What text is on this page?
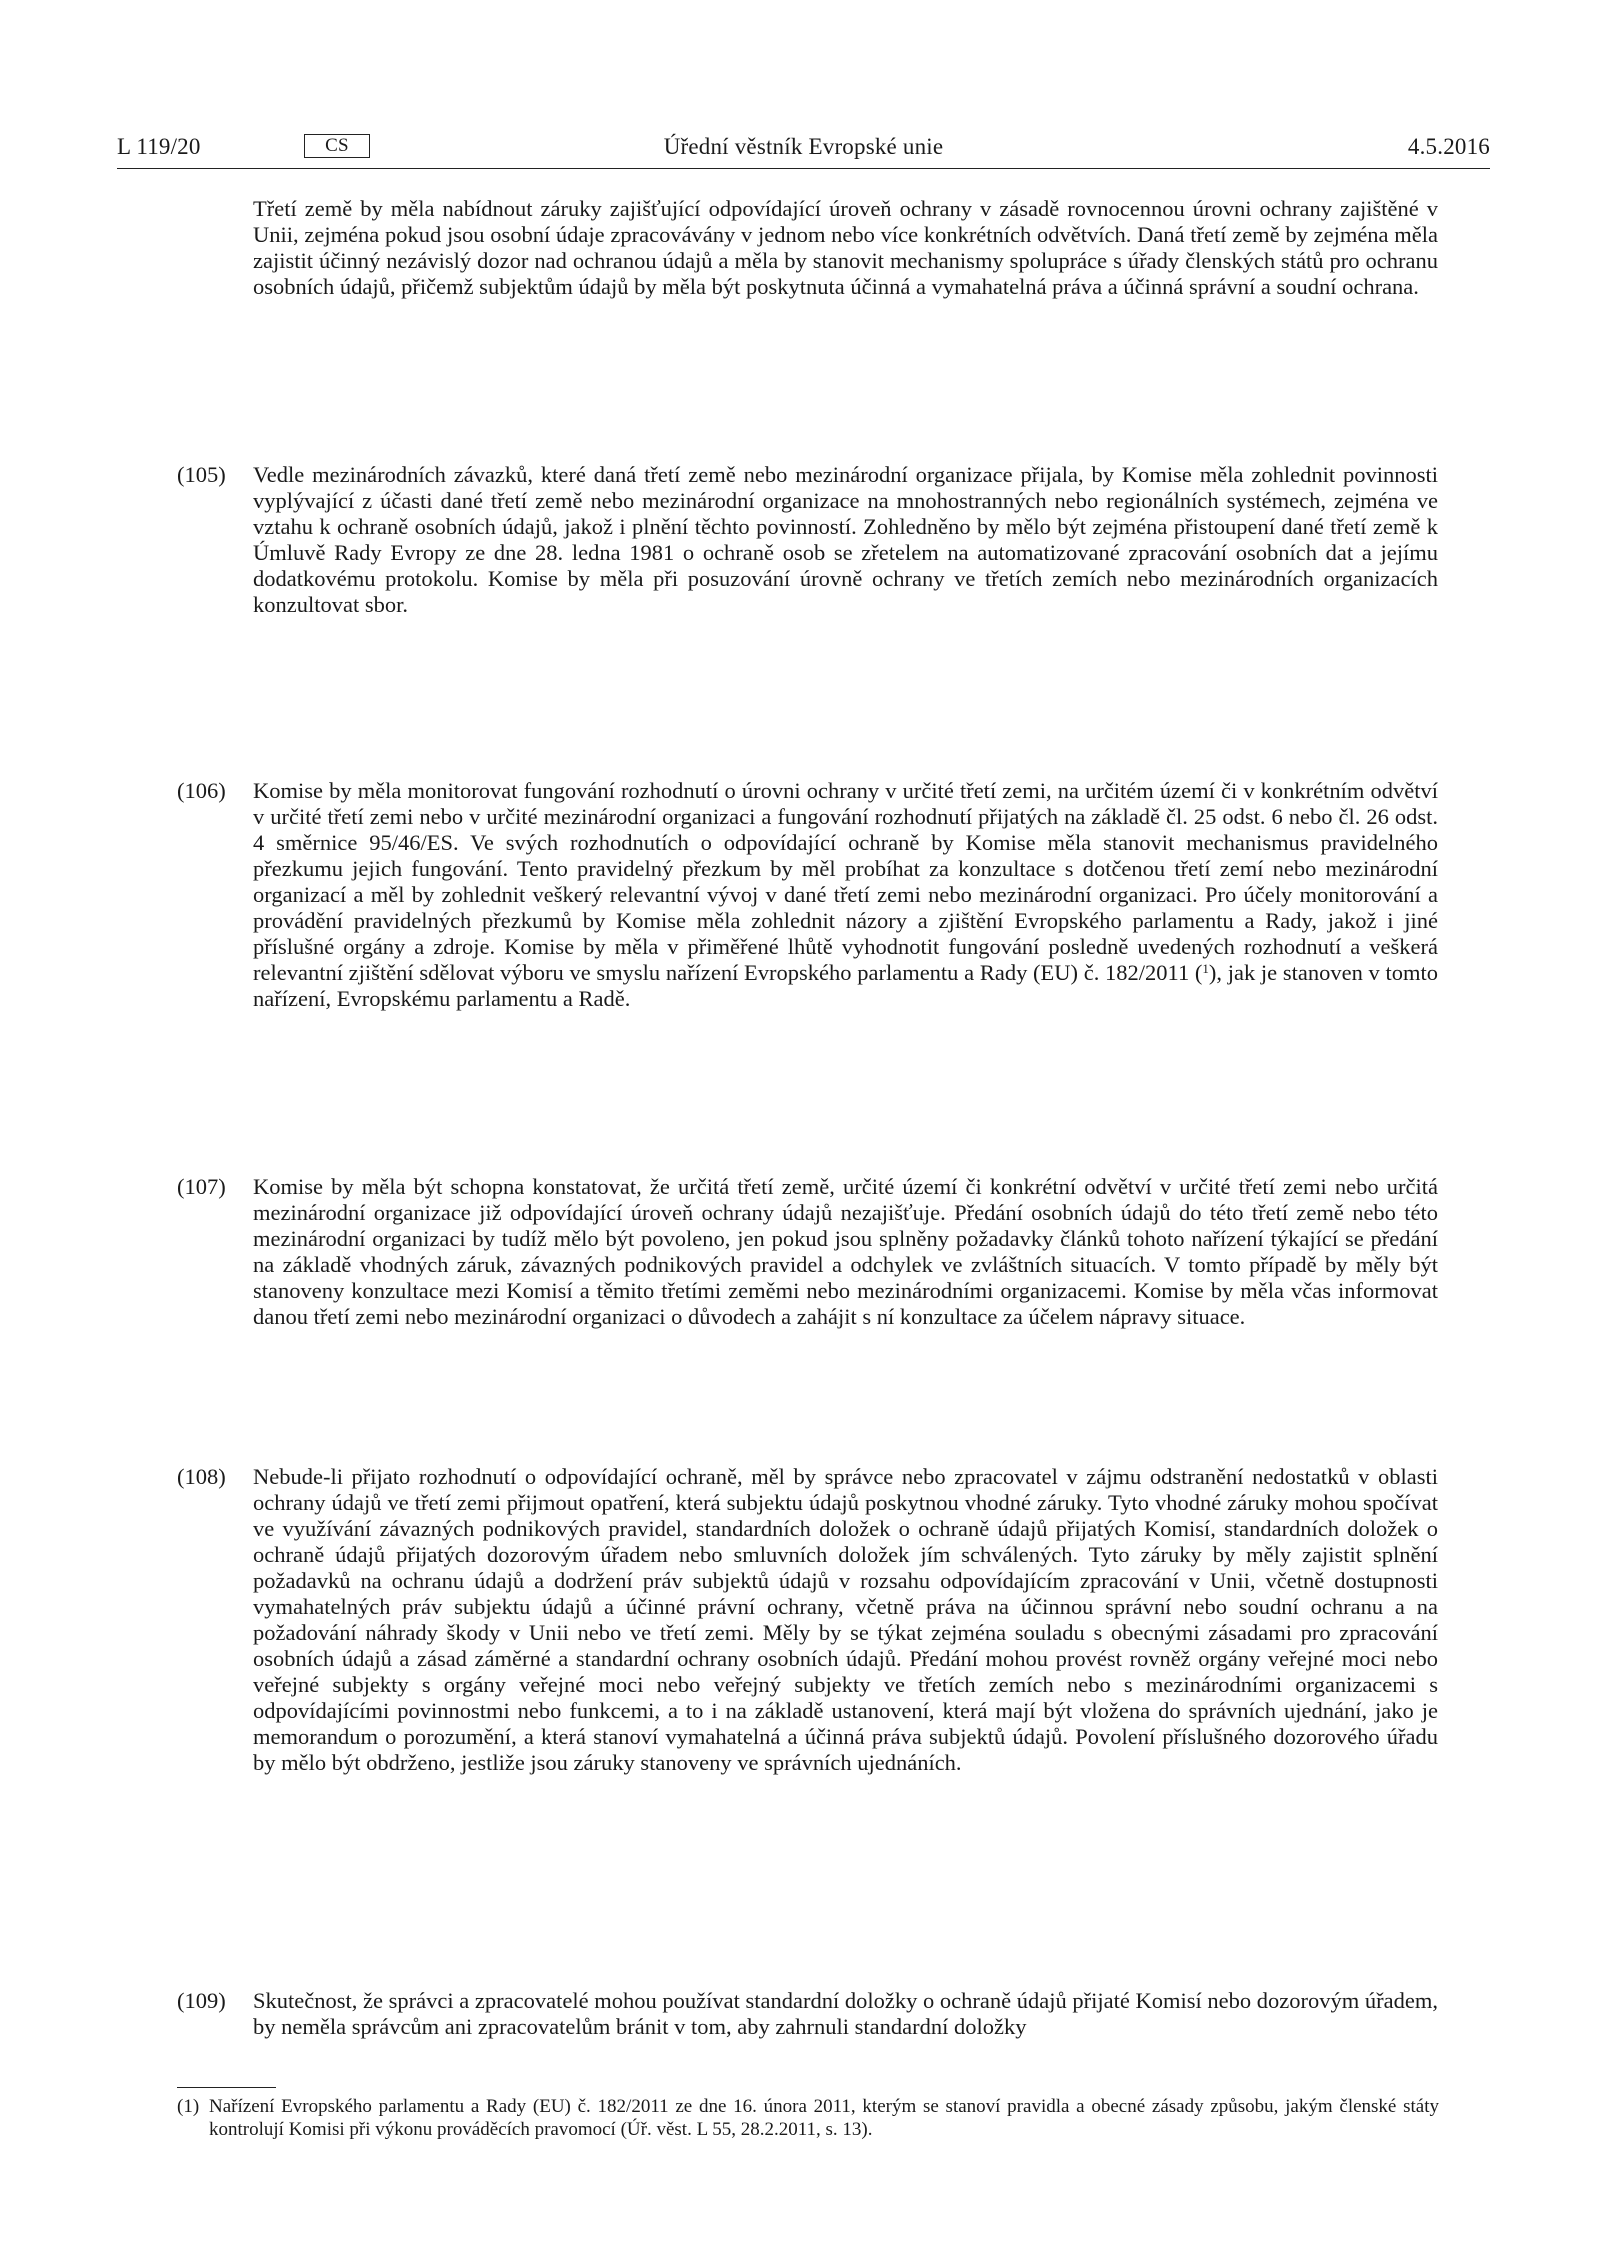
L 119/20	CS	Úřední věstník Evropské unie	4.5.2016
Třetí země by měla nabídnout záruky zajišťující odpovídající úroveň ochrany v zásadě rovnocennou úrovni ochrany zajištěné v Unii, zejména pokud jsou osobní údaje zpracovávány v jednom nebo více konkrétních odvětvích. Daná třetí země by zejména měla zajistit účinný nezávislý dozor nad ochranou údajů a měla by stanovit mechanismy spolupráce s úřady členských států pro ochranu osobních údajů, přičemž subjektům údajů by měla být poskytnuta účinná a vymahatelná práva a účinná správní a soudní ochrana.
(105) Vedle mezinárodních závazků, které daná třetí země nebo mezinárodní organizace přijala, by Komise měla zohlednit povinnosti vyplývající z účasti dané třetí země nebo mezinárodní organizace na mnohostranných nebo regionálních systémech, zejména ve vztahu k ochraně osobních údajů, jakož i plnění těchto povinností. Zohledněno by mělo být zejména přistoupení dané třetí země k Úmluvě Rady Evropy ze dne 28. ledna 1981 o ochraně osob se zřetelem na automatizované zpracování osobních dat a jejímu dodatkovému protokolu. Komise by měla při posuzování úrovně ochrany ve třetích zemích nebo mezinárodních organizacích konzultovat sbor.
(106) Komise by měla monitorovat fungování rozhodnutí o úrovni ochrany v určité třetí zemi, na určitém území či v konkrétním odvětví v určité třetí zemi nebo v určité mezinárodní organizaci a fungování rozhodnutí přijatých na základě čl. 25 odst. 6 nebo čl. 26 odst. 4 směrnice 95/46/ES. Ve svých rozhodnutích o odpovídající ochraně by Komise měla stanovit mechanismus pravidelného přezkumu jejich fungování. Tento pravidelný přezkum by měl probíhat za konzultace s dotčenou třetí zemí nebo mezinárodní organizací a měl by zohlednit veškerý relevantní vývoj v dané třetí zemi nebo mezinárodní organizaci. Pro účely monitorování a provádění pravidelných přezkumů by Komise měla zohlednit názory a zjištění Evropského parlamentu a Rady, jakož i jiné příslušné orgány a zdroje. Komise by měla v přiměřené lhůtě vyhodnotit fungování posledně uvedených rozhodnutí a veškerá relevantní zjištění sdělovat výboru ve smyslu nařízení Evropského parlamentu a Rady (EU) č. 182/2011 ($^1$), jak je stanoven v tomto nařízení, Evropskému parlamentu a Radě.
(107) Komise by měla být schopna konstatovat, že určitá třetí země, určité území či konkrétní odvětví v určité třetí zemi nebo určitá mezinárodní organizace již odpovídající úroveň ochrany údajů nezajišťuje. Předání osobních údajů do této třetí země nebo této mezinárodní organizaci by tudíž mělo být povoleno, jen pokud jsou splněny požadavky článků tohoto nařízení týkající se předání na základě vhodných záruk, závazných podnikových pravidel a odchylek ve zvláštních situacích. V tomto případě by měly být stanoveny konzultace mezi Komisí a těmito třetími zeměmi nebo mezinárodními organizacemi. Komise by měla včas informovat danou třetí zemi nebo mezinárodní organizaci o důvodech a zahájit s ní konzultace za účelem nápravy situace.
(108) Nebude-li přijato rozhodnutí o odpovídající ochraně, měl by správce nebo zpracovatel v zájmu odstranění nedostatků v oblasti ochrany údajů ve třetí zemi přijmout opatření, která subjektu údajů poskytnou vhodné záruky. Tyto vhodné záruky mohou spočívat ve využívání závazných podnikových pravidel, standardních doložek o ochraně údajů přijatých Komisí, standardních doložek o ochraně údajů přijatých dozorovým úřadem nebo smluvních doložek jím schválených. Tyto záruky by měly zajistit splnění požadavků na ochranu údajů a dodržení práv subjektů údajů v rozsahu odpovídajícím zpracování v Unii, včetně dostupnosti vymahatelných práv subjektu údajů a účinné právní ochrany, včetně práva na účinnou správní nebo soudní ochranu a na požadování náhrady škody v Unii nebo ve třetí zemi. Měly by se týkat zejména souladu s obecnými zásadami pro zpracování osobních údajů a zásad záměrné a standardní ochrany osobních údajů. Předání mohou provést rovněž orgány veřejné moci nebo veřejné subjekty s orgány veřejné moci nebo veřejný subjekty ve třetích zemích nebo s mezinárodními organizacemi s odpovídajícími povinnostmi nebo funkcemi, a to i na základě ustanovení, která mají být vložena do správních ujednání, jako je memorandum o porozumění, a která stanoví vymahatelná a účinná práva subjektů údajů. Povolení příslušného dozorového úřadu by mělo být obdrženo, jestliže jsou záruky stanoveny ve správních ujednáních.
(109) Skutečnost, že správci a zpracovatelé mohou používat standardní doložky o ochraně údajů přijaté Komisí nebo dozorovým úřadem, by neměla správcům ani zpracovatelům bránit v tom, aby zahrnuli standardní doložky
(1) Nařízení Evropského parlamentu a Rady (EU) č. 182/2011 ze dne 16. února 2011, kterým se stanoví pravidla a obecné zásady způsobu, jakým členské státy kontrolují Komisi při výkonu prováděcích pravomocí (Úř. věst. L 55, 28.2.2011, s. 13).
